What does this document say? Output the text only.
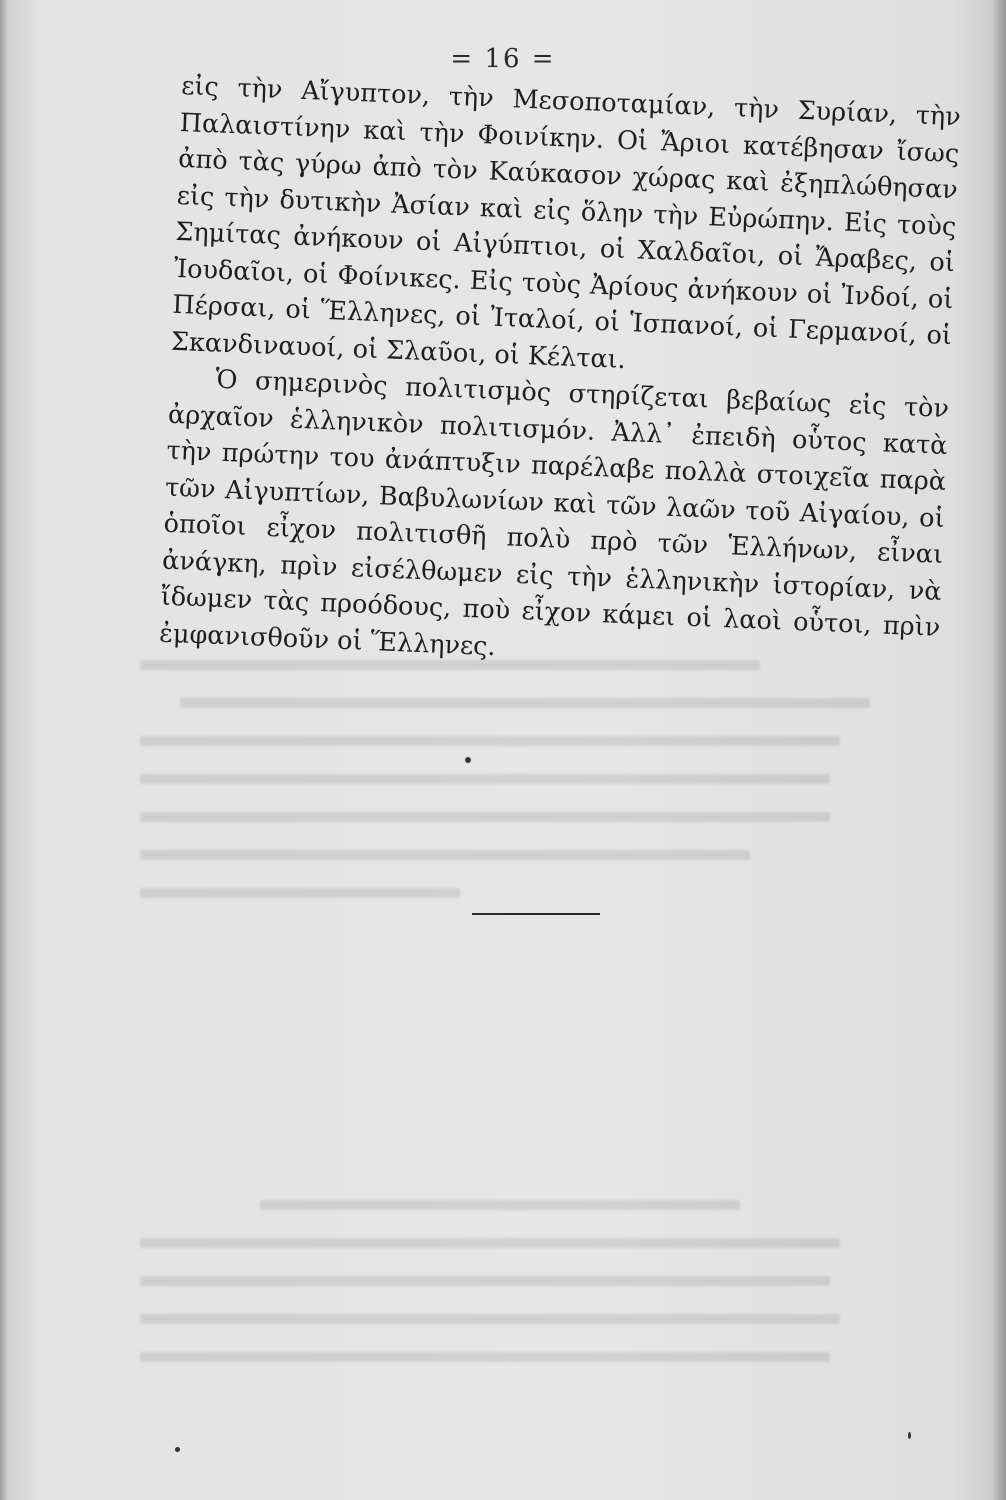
= 16 =

εἰς τὴν Αἴγυπτον, τὴν Μεσοποταμίαν, τὴν Συρίαν, τὴν Παλαιστίνην καὶ τὴν Φοινίκην. Οἱ Ἄριοι κατέβησαν ἴσως ἀπὸ τὰς γύρω ἀπὸ τὸν Καύκασον χώρας καὶ ἐξηπλώθησαν εἰς τὴν δυτικὴν Ἀσίαν καὶ εἰς ὅλην τὴν Εὐρώπην. Εἰς τοὺς Σημίτας ἀνήκουν οἱ Αἰγύπτιοι, οἱ Χαλδαῖοι, οἱ Ἄραβες, οἱ Ἰουδαῖοι, οἱ Φοίνικες. Εἰς τοὺς Ἀρίους ἀνήκουν οἱ Ἰνδοί, οἱ Πέρσαι, οἱ Ἕλληνες, οἱ Ἰταλοί, οἱ Ἱσπανοί, οἱ Γερμανοί, οἱ Σκανδιναυοί, οἱ Σλαῦοι, οἱ Κέλται.

Ὁ σημερινὸς πολιτισμὸς στηρίζεται βεβαίως εἰς τὸν ἀρχαῖον ἑλληνικὸν πολιτισμόν. Ἀλλ᾿ ἐπειδὴ οὗτος κατὰ τὴν πρώτην του ἀνάπτυξιν παρέλαβε πολλὰ στοιχεῖα παρὰ τῶν Αἰγυπτίων, Βαβυλωνίων καὶ τῶν λαῶν τοῦ Αἰγαίου, οἱ ὁποῖοι εἶχον πολιτισθῆ πολὺ πρὸ τῶν Ἑλλήνων, εἶναι ἀνάγκη, πρὶν εἰσέλθωμεν εἰς τὴν ἑλληνικὴν ἱστορίαν, νὰ ἴδωμεν τὰς προόδους, ποὺ εἶχον κάμει οἱ λαοὶ οὗτοι, πρὶν ἐμφανισθοῦν οἱ Ἕλληνες.
